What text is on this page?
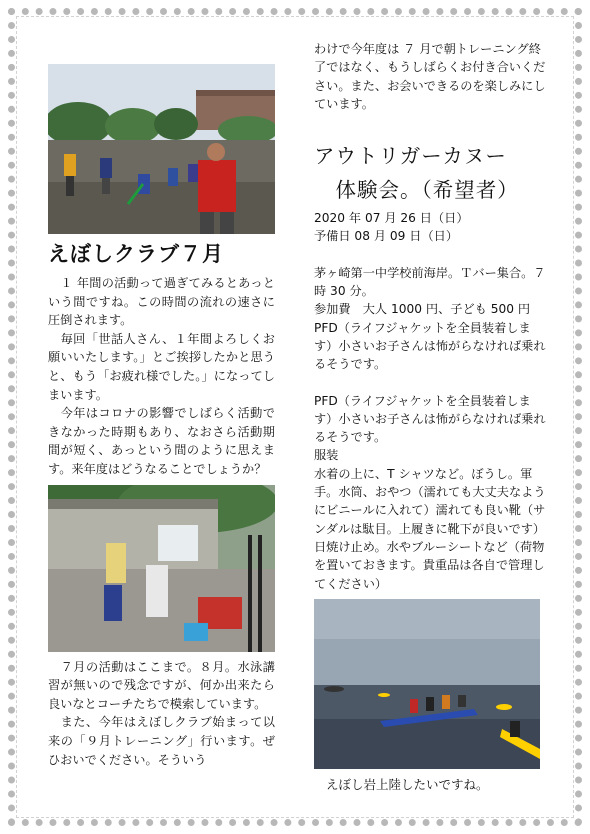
えぼしクラブ７月

　１ 年間の活動って過ぎてみるとあっという間ですね。この時間の流れの速さに圧倒されます。

　毎回「世話人さん、１年間よろしくお願いいたします。」とご挨拶したかと思うと、もう「お疲れ様でした。」になってしまいます。

　今年はコロナの影響でしばらく活動できなかった時期もあり、なおさら活動期間が短く、あっという間のように思えます。来年度はどうなることでしょうか？

　７月の活動はここまで。８月。水泳講習が無いので残念ですが、何か出来たら良いなとコーチたちで模索しています。

　また、今年はえぼしクラブ始まって以来の「９月トレーニング」行います。ぜひおいでください。そういう

わけで今年度は ７ 月で朝トレーニング終了ではなく、もうしばらくお付き合いください。また、お会いできるのを楽しみにしています。

アウトリガーカヌー
　体験会。（希望者）

2020 年 07 月 26 日（日）

予備日 08 月 09 日（日）

茅ヶ崎第一中学校前海岸。Ｔバー集合。７時 30 分。

参加費　大人 1000 円、子ども 500 円

PFD（ライフジャケットを全員装着します）小さいお子さんは怖がらなければ乗れるそうです。

PFD（ライフジャケットを全員装着します）小さいお子さんは怖がらなければ乗れるそうです。

服装

水着の上に、T シャツなど。ぼうし。軍手。水筒、おやつ（濡れても大丈夫なようにビニールに入れて）濡れても良い靴（サンダルは駄目。上履きに靴下が良いです）日焼け止め。水やブルーシートなど（荷物を置いておきます。貴重品は各自で管理してください）

えぼし岩上陸したいですね。
